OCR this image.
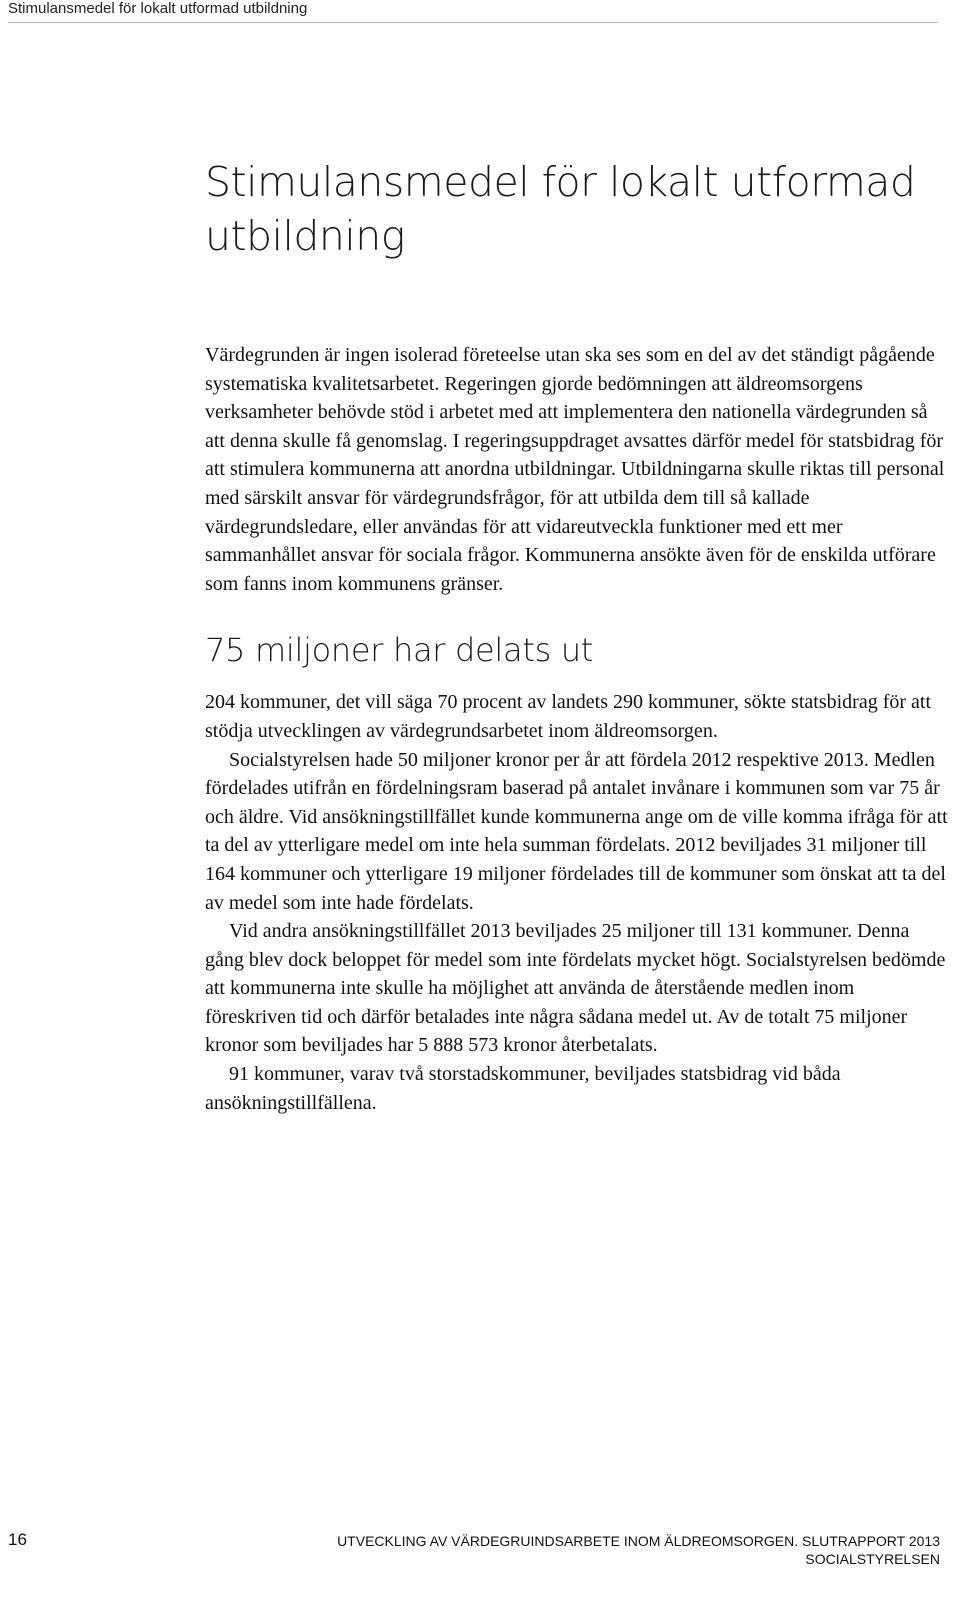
Stimulansmedel för lokalt utformad utbildning
Stimulansmedel för lokalt utformad
utbildning

Värdegrunden är ingen isolerad företeelse utan ska ses som en del av det ständigt pågående systematiska kvalitetsarbetet. Regeringen gjorde bedömningen att äldreomsorgens verksamheter behövde stöd i arbetet med att implementera den nationella värdegrunden så att denna skulle få genomslag. I regeringsuppdraget avsattes därför medel för statsbidrag för att stimulera kommunerna att anordna utbildningar. Utbildningarna skulle riktas till personal med särskilt ansvar för värdegrundsfrågor, för att utbilda dem till så kallade värdegrundsledare, eller användas för att vidareutveckla funktioner med ett mer sammanhållet ansvar för sociala frågor. Kommunerna ansökte även för de enskilda utförare som fanns inom kommunens gränser.

75 miljoner har delats ut

204 kommuner, det vill säga 70 procent av landets 290 kommuner, sökte statsbidrag för att stödja utvecklingen av värdegrundsarbetet inom äldreomsorgen.

Socialstyrelsen hade 50 miljoner kronor per år att fördela 2012 respektive 2013. Medlen fördelades utifrån en fördelningsram baserad på antalet invånare i kommunen som var 75 år och äldre. Vid ansökningstillfället kunde kommunerna ange om de ville komma ifråga för att ta del av ytterligare medel om inte hela summan fördelats. 2012 beviljades 31 miljoner till 164 kommuner och ytterligare 19 miljoner fördelades till de kommuner som önskat att ta del av medel som inte hade fördelats.

Vid andra ansökningstillfället 2013 beviljades 25 miljoner till 131 kommuner. Denna gång blev dock beloppet för medel som inte fördelats mycket högt. Socialstyrelsen bedömde att kommunerna inte skulle ha möjlighet att använda de återstående medlen inom föreskriven tid och därför betalades inte några sådana medel ut. Av de totalt 75 miljoner kronor som beviljades har 5 888 573 kronor återbetalats.

91 kommuner, varav två storstadskommuner, beviljades statsbidrag vid båda ansökningstillfällena.

16	UTVECKLING AV VÄRDEGRUINDSARBETE INOM ÄLDREOMSORGEN. SLUTRAPPORT 2013
SOCIALSTYRELSEN
